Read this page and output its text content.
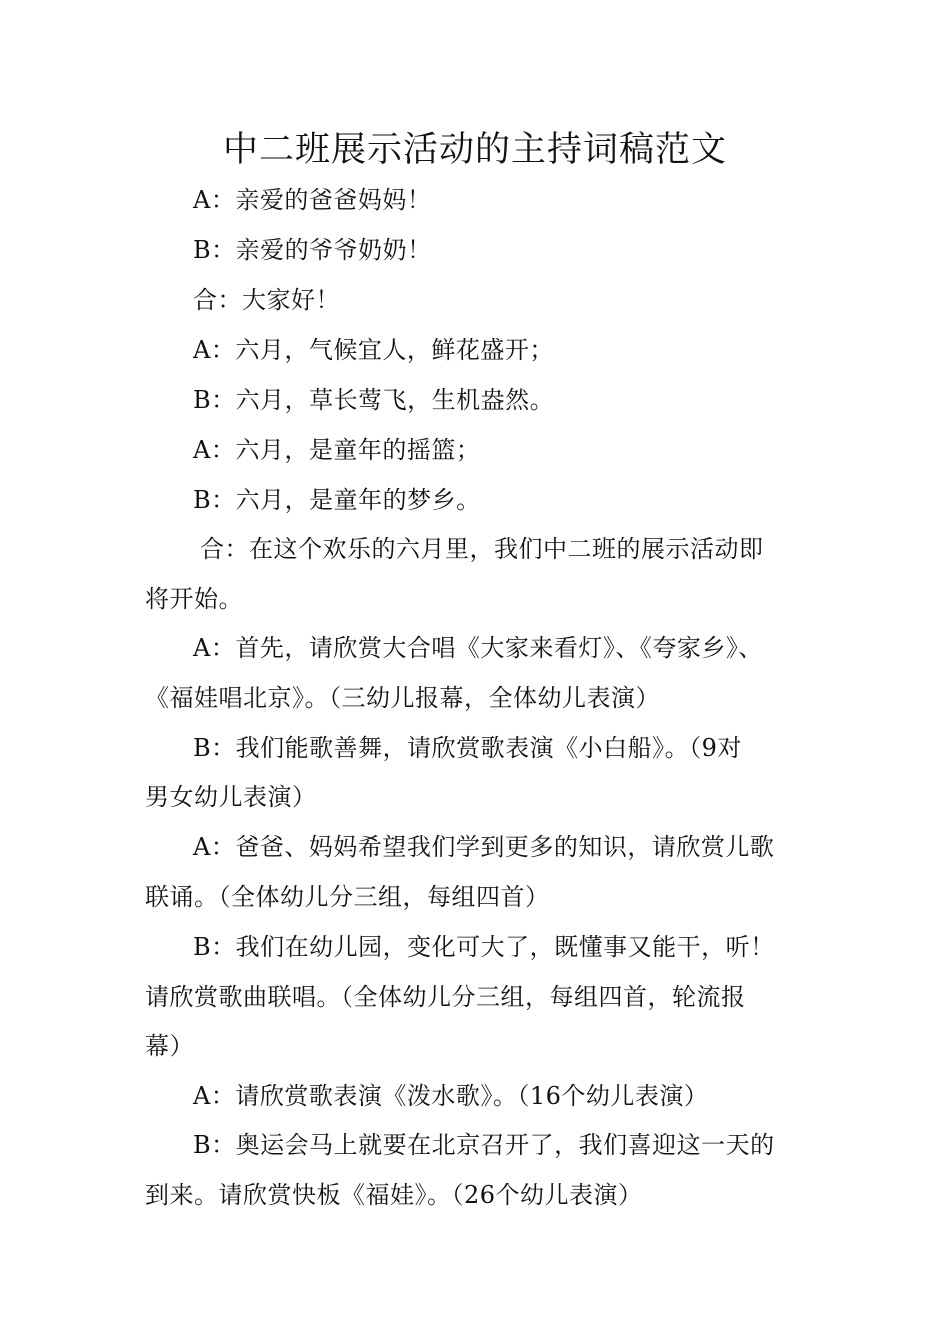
中二班展示活动的主持词稿范文
A：亲爱的爸爸妈妈！
B：亲爱的爷爷奶奶！
合：大家好！
A：六月，气候宜人，鲜花盛开；
B：六月，草长莺飞，生机盎然。
A：六月，是童年的摇篮；
B：六月，是童年的梦乡。
合：在这个欢乐的六月里，我们中二班的展示活动即
将开始。
A：首先，请欣赏大合唱《大家来看灯》、《夸家乡》、
《福娃唱北京》。（三幼儿报幕，全体幼儿表演）
B：我们能歌善舞，请欣赏歌表演《小白船》。（9对
男女幼儿表演）
A：爸爸、妈妈希望我们学到更多的知识，请欣赏儿歌
联诵。（全体幼儿分三组，每组四首）
B：我们在幼儿园，变化可大了，既懂事又能干，听！
请欣赏歌曲联唱。（全体幼儿分三组，每组四首，轮流报
幕）
A：请欣赏歌表演《泼水歌》。（16个幼儿表演）
B：奥运会马上就要在北京召开了，我们喜迎这一天的
到来。请欣赏快板《福娃》。（26个幼儿表演）
